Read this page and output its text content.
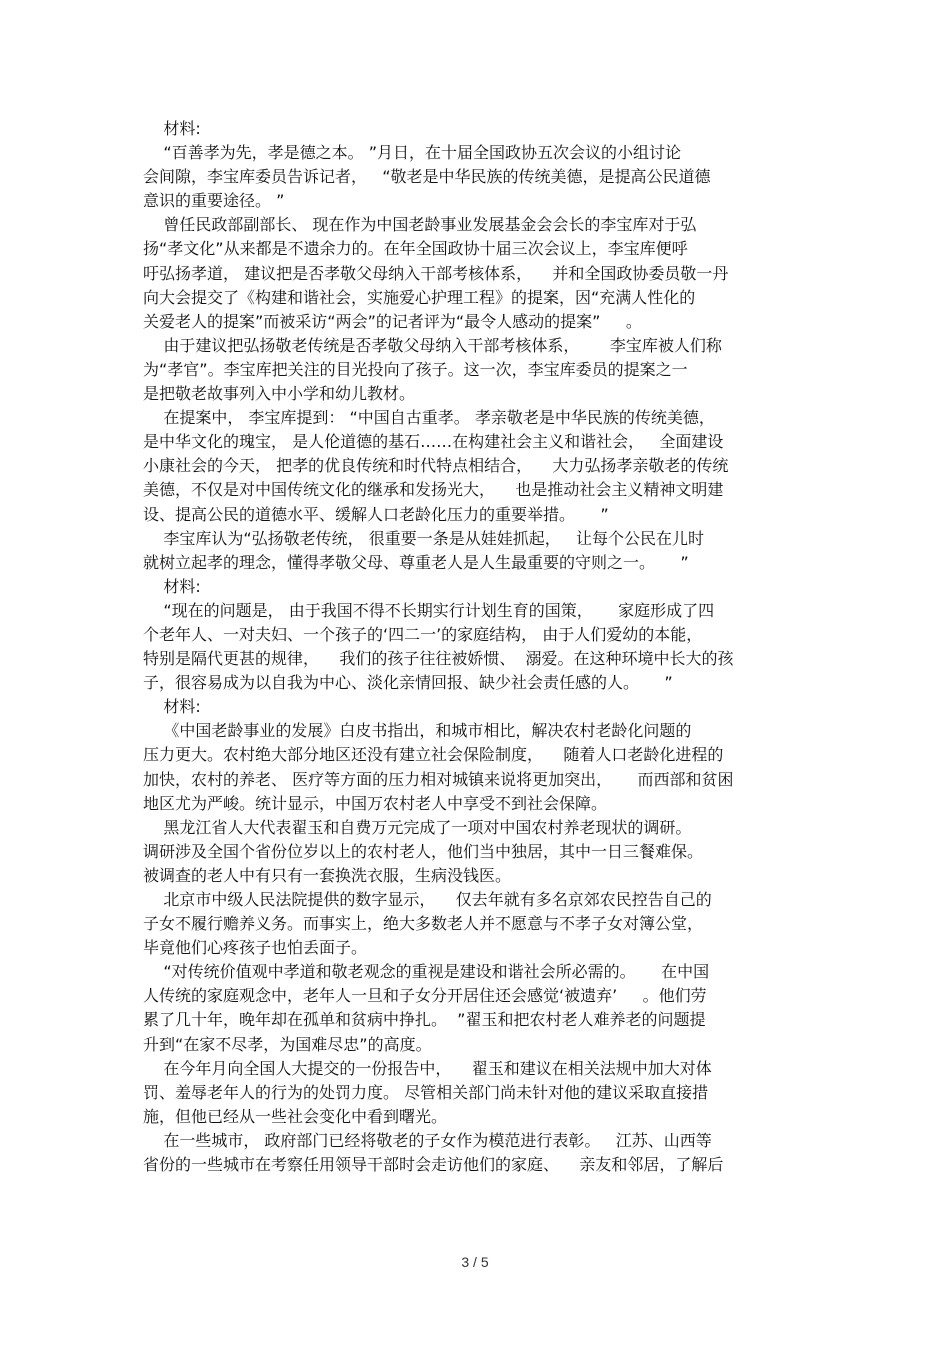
材料:
“百善孝为先，孝是德之本。 ”月日，在十届全国政协五次会议的小组讨论
会间隙，李宝库委员告诉记者，   “敬老是中华民族的传统美德，是提高公民道德
意识的重要途径。 ”
曾任民政部副部长、 现在作为中国老龄事业发展基金会会长的李宝库对于弘
扬“孝文化”从来都是不遗余力的。在年全国政协十届三次会议上，李宝库便呼
吁弘扬孝道， 建议把是否孝敬父母纳入干部考核体系，    并和全国政协委员敬一丹
向大会提交了《构建和谐社会，实施爱心护理工程》的提案，因“充满人性化的
关爱老人的提案”而被采访“两会”的记者评为“最令人感动的提案”     。
由于建议把弘扬敬老传统是否孝敬父母纳入干部考核体系，      李宝库被人们称
为“孝官”。李宝库把关注的目光投向了孩子。这一次，李宝库委员的提案之一
是把敬老故事列入中小学和幼儿教材。
在提案中， 李宝库提到： “中国自古重孝。 孝亲敬老是中华民族的传统美德，
是中华文化的瑰宝， 是人伦道德的基石……在构建社会主义和谐社会，   全面建设
小康社会的今天， 把孝的优良传统和时代特点相结合，    大力弘扬孝亲敬老的传统
美德，不仅是对中国传统文化的继承和发扬光大，    也是推动社会主义精神文明建
设、提高公民的道德水平、缓解人口老龄化压力的重要举措。     ”
李宝库认为“弘扬敬老传统， 很重要一条是从娃娃抓起，   让每个公民在儿时
就树立起孝的理念，懂得孝敬父母、尊重老人是人生最重要的守则之一。     ”
材料:
“现在的问题是， 由于我国不得不长期实行计划生育的国策，     家庭形成了四
个老年人、一对夫妇、一个孩子的‘四二一’的家庭结构， 由于人们爱幼的本能，
特别是隔代更甚的规律，    我们的孩子往往被娇惯、  溺爱。在这种环境中长大的孩
子，很容易成为以自我为中心、淡化亲情回报、缺少社会责任感的人。     ”
材料:
《中国老龄事业的发展》白皮书指出，和城市相比，解决农村老龄化问题的
压力更大。农村绝大部分地区还没有建立社会保险制度，    随着人口老龄化进程的
加快，农村的养老、 医疗等方面的压力相对城镇来说将更加突出，     而西部和贫困
地区尤为严峻。统计显示，中国万农村老人中享受不到社会保障。
黑龙江省人大代表翟玉和自费万元完成了一项对中国农村养老现状的调研。
调研涉及全国个省份位岁以上的农村老人，他们当中独居，其中一日三餐难保。
被调查的老人中有只有一套换洗衣服，生病没钱医。
北京市中级人民法院提供的数字显示，    仅去年就有多名京郊农民控告自己的
子女不履行赡养义务。而事实上，绝大多数老人并不愿意与不孝子女对簿公堂，
毕竟他们心疼孩子也怕丢面子。
“对传统价值观中孝道和敬老观念的重视是建设和谐社会所必需的。     在中国
人传统的家庭观念中，老年人一旦和子女分开居住还会感觉‘被遗弃’     。他们劳
累了几十年，晚年却在孤单和贫病中挣扎。  ”翟玉和把农村老人难养老的问题提
升到“在家不尽孝，为国难尽忠”的高度。
在今年月向全国人大提交的一份报告中，    翟玉和建议在相关法规中加大对体
罚、羞辱老年人的行为的处罚力度。 尽管相关部门尚未针对他的建议采取直接措
施，但他已经从一些社会变化中看到曙光。
在一些城市， 政府部门已经将敬老的子女作为模范进行表彰。   江苏、山西等
省份的一些城市在考察任用领导干部时会走访他们的家庭、    亲友和邻居，了解后
3 / 5
